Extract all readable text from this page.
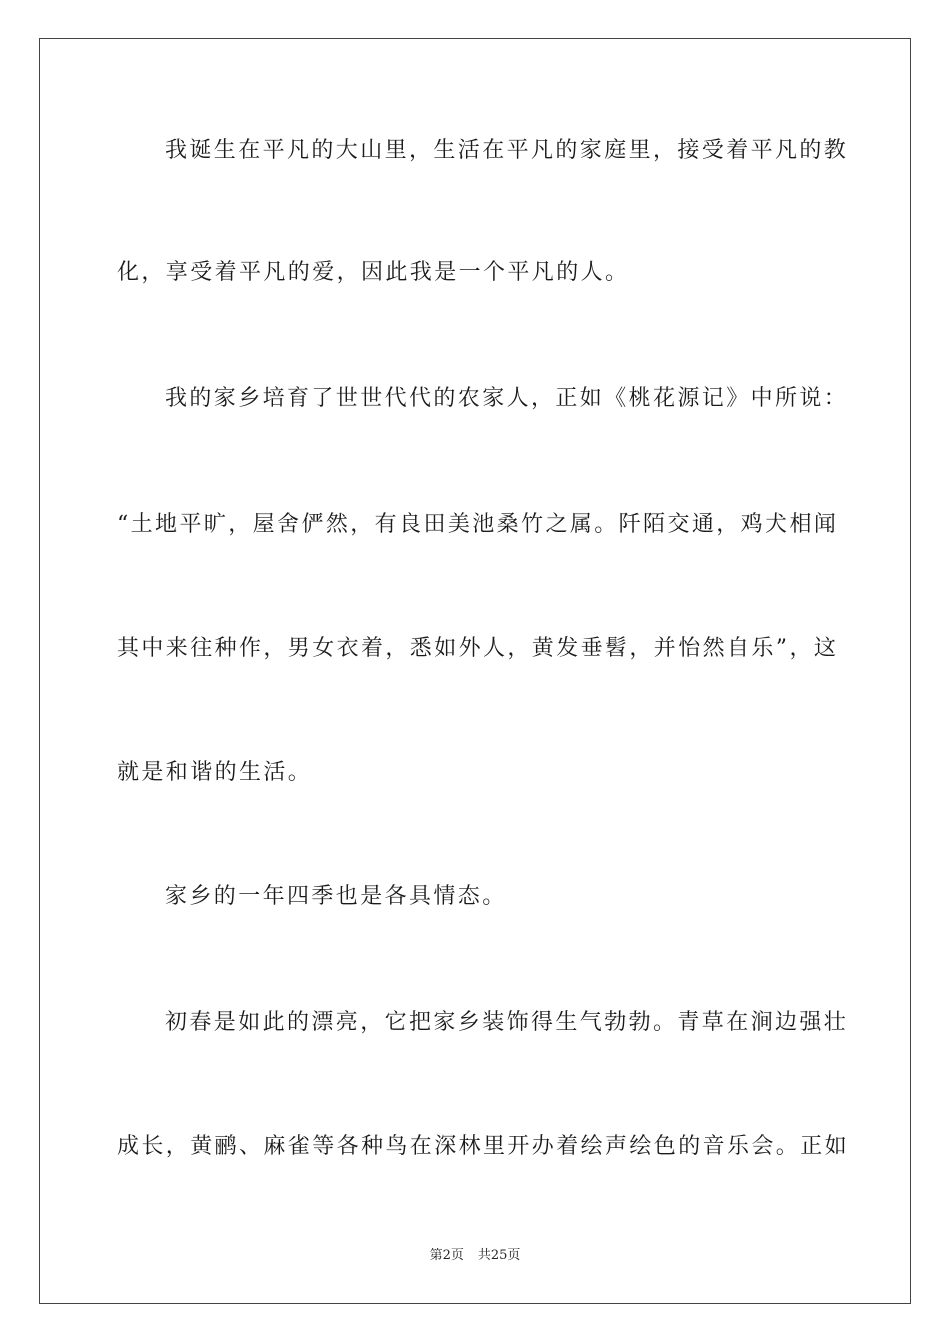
我诞生在平凡的大山里，生活在平凡的家庭里，接受着平凡的教
化，享受着平凡的爱，因此我是一个平凡的人。
我的家乡培育了世世代代的农家人，正如《桃花源记》中所说：
“土地平旷，屋舍俨然，有良田美池桑竹之属。阡陌交通，鸡犬相闻
其中来往种作，男女衣着，悉如外人，黄发垂髫，并怡然自乐”，这
就是和谐的生活。
家乡的一年四季也是各具情态。
初春是如此的漂亮，它把家乡装饰得生气勃勃。青草在涧边强壮
成长，黄鹂、麻雀等各种鸟在深林里开办着绘声绘色的音乐会。正如
第2页 共25页
